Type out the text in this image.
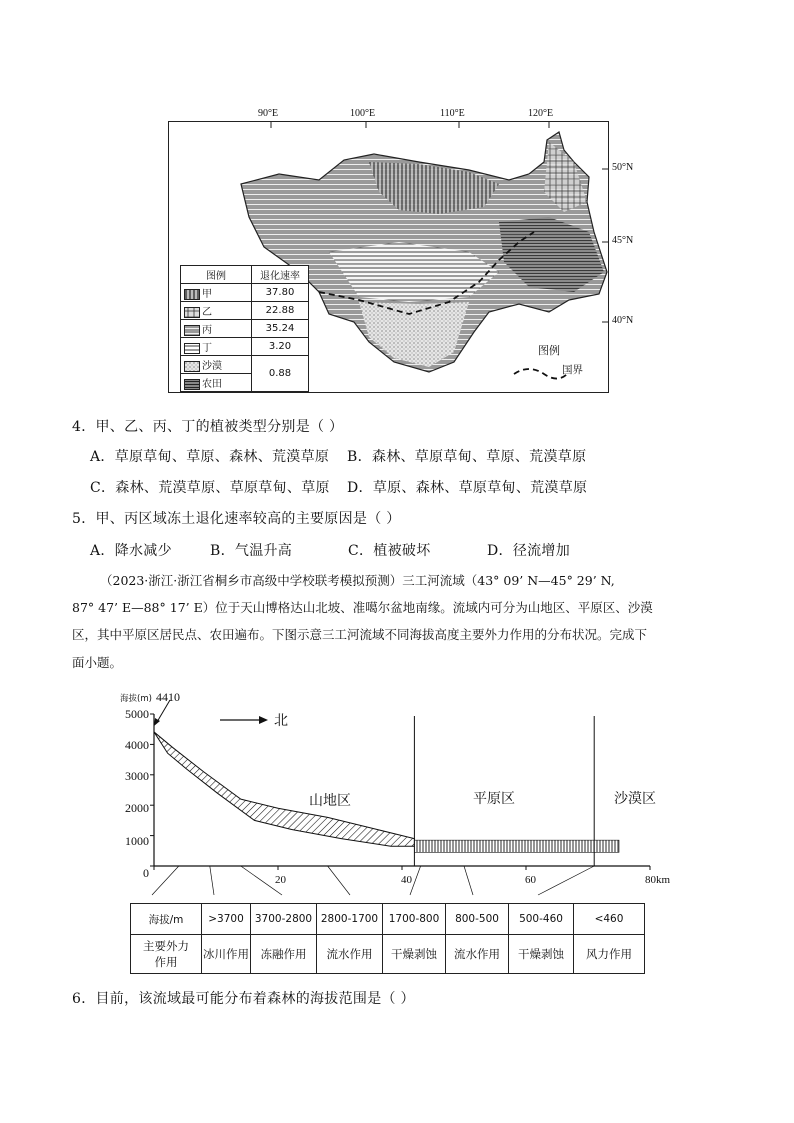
90°E	100°E	110°E	120°E
50°N
45°N
40°N
图例
国界
图例	退化速率
甲	37.80
乙	22.88
丙	35.24
丁	3.20
沙漠	0.88
农田	
4．甲、乙、丙、丁的植被类型分别是（ ）
A．草原草甸、草原、森林、荒漠草原 B．森林、草原草甸、草原、荒漠草原
C．森林、荒漠草原、草原草甸、草原 D．草原、森林、草原草甸、荒漠草原
5．甲、丙区域冻土退化速率较高的主要原因是（ ）
A．降水减少	B．气温升高	C．植被破坏	D．径流增加
（2023·浙江·浙江省桐乡市高级中学校联考模拟预测）三工河流域（43° 09’ N—45° 29’ N,
87° 47’ E—88° 17’ E）位于天山博格达山北坡、准噶尔盆地南缘。流域内可分为山地区、平原区、沙漠
区，其中平原区居民点、农田遍布。下图示意三工河流域不同海拔高度主要外力作用的分布状况。完成下
面小题。
海拔(m) 4410
5000
4000
3000
2000
1000
0	20	40	60	80km
北
山地区	平原区	沙漠区
海拔/m	>3700	3700-2800	2800-1700	1700-800	800-500	500-460	<460
主要外力作用	冰川作用	冻融作用	流水作用	干燥剥蚀	流水作用	干燥剥蚀	风力作用
6．目前，该流域最可能分布着森林的海拔范围是（ ）
